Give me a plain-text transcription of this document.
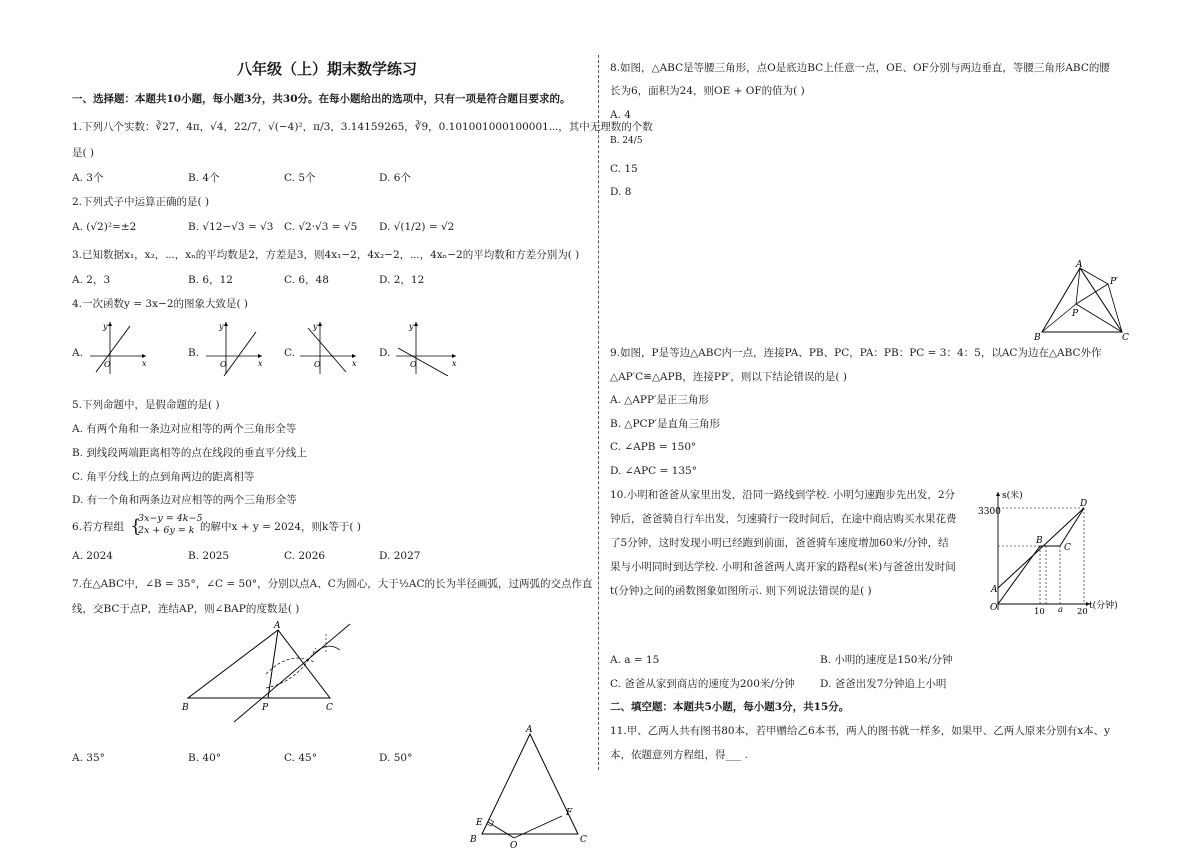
八年级（上）期末数学练习
一、选择题：本题共10小题，每小题3分，共30分。在每小题给出的选项中，只有一项是符合题目要求的。
1.下列八个实数：∛27，4π，√4，22/7，√(−4)²，π/3，3.14159265，∛9，0.101001000100001⋯，其中无理数的个数
是( )
A. 3个	B. 4个	C. 5个	D. 6个
2.下列式子中运算正确的是( )
A. (√2)²=±2	B. √12−√3 = √3 C. √2·√3 = √5 D. √(1/2) = √2
3.已知数据x₁，x₂，⋯，xₙ的平均数是2，方差是3，则4x₁−2，4x₂−2，⋯，4xₙ−2的平均数和方差分别为( )
A. 2，3	B. 6，12	C. 6，48	D. 2，12
4.一次函数y = 3x−2的图象大致是( )
A.	B.	C.	D.
y
x
O
y
x
O
y
x
O
y
x
O
5.下列命题中，是假命题的是( )
A. 有两个角和一条边对应相等的两个三角形全等
B. 到线段两端距离相等的点在线段的垂直平分线上
C. 角平分线上的点到角两边的距离相等
D. 有一个角和两条边对应相等的两个三角形全等
6.若方程组 {
3x−y = 4k−5
2x + 6y = k 的解中x + y = 2024，则k等于( )
A. 2024	B. 2025	C. 2026	D. 2027
7.在△ABC中，∠B = 35°，∠C = 50°，分别以点A、C为圆心，大于½AC的长为半径画弧，过两弧的交点作直
线，交BC于点P，连结AP，则∠BAP的度数是( )
A
B	P	C
A. 35°	B. 40°	C. 45°	D. 50°
A
B
E
O
F
C
8.如图，△ABC是等腰三角形，点O是底边BC上任意一点，OE、OF分别与两边垂直，等腰三角形ABC的腰
长为6，面积为24，则OE + OF的值为( )
A. 4
B. 24/5
C. 15
D. 8
A
P′
P
B	C
9.如图，P是等边△ABC内一点，连接PA、PB、PC，PA：PB：PC = 3：4：5，以AC为边在△ABC外作
△AP′C≌△APB，连接PP′，则以下结论错误的是( )
A. △APP′是正三角形
B. △PCP′是直角三角形
C. ∠APB = 150°
D. ∠APC = 135°
10.小明和爸爸从家里出发，沿同一路线到学校. 小明匀速跑步先出发，2分
钟后，爸爸骑自行车出发，匀速骑行一段时间后，在途中商店购买水果花费
了5分钟，这时发现小明已经跑到前面，爸爸骑车速度增加60米/分钟，结
果与小明同时到达学校. 小明和爸爸两人离开家的路程s(米)与爸爸出发时间
t(分钟)之间的函数图象如图所示. 则下列说法错误的是( )
s(米)
3300
t(分钟)
10 a 20
A
B
C
D
O
A. a = 15	B. 小明的速度是150米/分钟
C. 爸爸从家到商店的速度为200米/分钟 D. 爸爸出发7分钟追上小明
二、填空题：本题共5小题，每小题3分，共15分。
11.甲、乙两人共有图书80本，若甲赠给乙6本书，两人的图书就一样多，如果甲、乙两人原来分别有x本、y
本，依题意列方程组，得___ .
